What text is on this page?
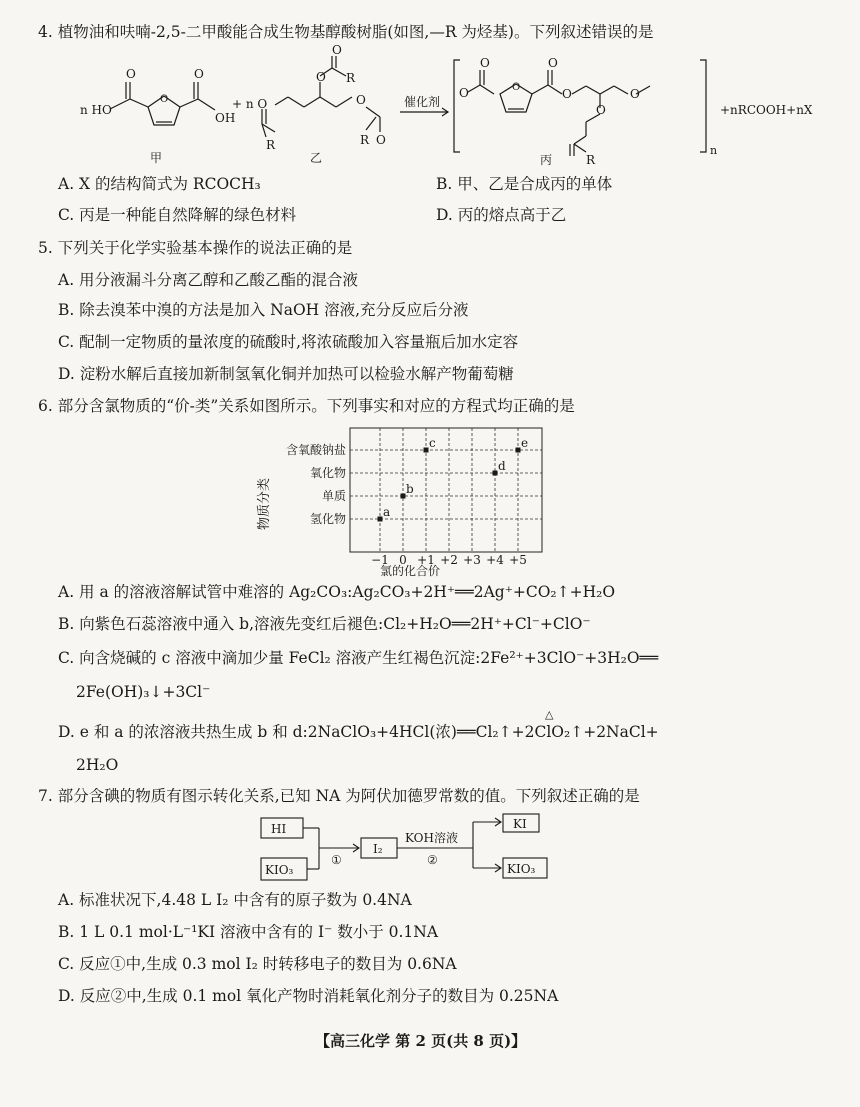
4. 植物油和呋喃-2,5-二甲酸能合成生物基醇酸树脂(如图,—R 为烃基)。下列叙述错误的是
n HO
O	O
O
OH
+ n O
O
R
O
O
R	O
R
催化剂
O
O	O
O	O
O
O
R
n
+nRCOOH+nX
甲	乙	丙
A. X 的结构简式为 RCOCH₃	B. 甲、乙是合成丙的单体
C. 丙是一种能自然降解的绿色材料	D. 丙的熔点高于乙
5. 下列关于化学实验基本操作的说法正确的是
A. 用分液漏斗分离乙醇和乙酸乙酯的混合液
B. 除去溴苯中溴的方法是加入 NaOH 溶液,充分反应后分液
C. 配制一定物质的量浓度的硫酸时,将浓硫酸加入容量瓶后加水定容
D. 淀粉水解后直接加新制氢氧化铜并加热可以检验水解产物葡萄糖
6. 部分含氯物质的“价-类”关系如图所示。下列事实和对应的方程式均正确的是
氢化物
单质
氧化物
含氧酸钠盐
−1 0 +1 +2 +3 +4 +5
a
b
c
d
e
物质分类
氯的化合价
A. 用 a 的溶液溶解试管中难溶的 Ag₂CO₃:Ag₂CO₃+2H⁺══2Ag⁺+CO₂↑+H₂O
B. 向紫色石蕊溶液中通入 b,溶液先变红后褪色:Cl₂+H₂O══2H⁺+Cl⁻+ClO⁻
C. 向含烧碱的 c 溶液中滴加少量 FeCl₂ 溶液产生红褐色沉淀:2Fe²⁺+3ClO⁻+3H₂O══
2Fe(OH)₃↓+3Cl⁻
△
D. e 和 a 的浓溶液共热生成 b 和 d:2NaClO₃+4HCl(浓)══Cl₂↑+2ClO₂↑+2NaCl+
2H₂O
7. 部分含碘的物质有图示转化关系,已知 NA 为阿伏加德罗常数的值。下列叙述正确的是
HI
KIO₃
I₂
①
KOH溶液
②
KI
KIO₃
A. 标准状况下,4.48 L I₂ 中含有的原子数为 0.4NA
B. 1 L 0.1 mol·L⁻¹KI 溶液中含有的 I⁻ 数小于 0.1NA
C. 反应①中,生成 0.3 mol I₂ 时转移电子的数目为 0.6NA
D. 反应②中,生成 0.1 mol 氧化产物时消耗氧化剂分子的数目为 0.25NA
【高三化学 第 2 页(共 8 页)】
